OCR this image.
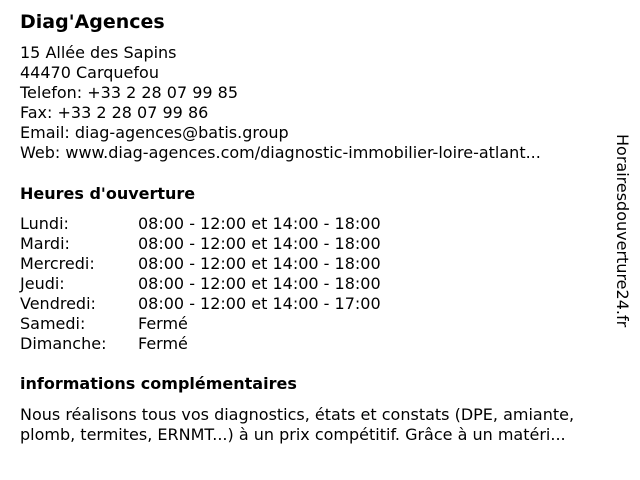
Diag'Agences
15 Allée des Sapins
44470 Carquefou
Telefon: +33 2 28 07 99 85
Fax: +33 2 28 07 99 86
Email: diag-agences@batis.group
Web: www.diag-agences.com/diagnostic-immobilier-loire-atlant...
Heures d'ouverture
Lundi:	08:00 - 12:00 et 14:00 - 18:00
Mardi:	08:00 - 12:00 et 14:00 - 18:00
Mercredi:	08:00 - 12:00 et 14:00 - 18:00
Jeudi:	08:00 - 12:00 et 14:00 - 18:00
Vendredi:	08:00 - 12:00 et 14:00 - 17:00
Samedi:	Fermé
Dimanche: Fermé
informations complémentaires
Nous réalisons tous vos diagnostics, états et constats (DPE, amiante,
plomb, termites, ERNMT...) à un prix compétitif. Grâce à un matéri...
Horairesdouverture24.fr
